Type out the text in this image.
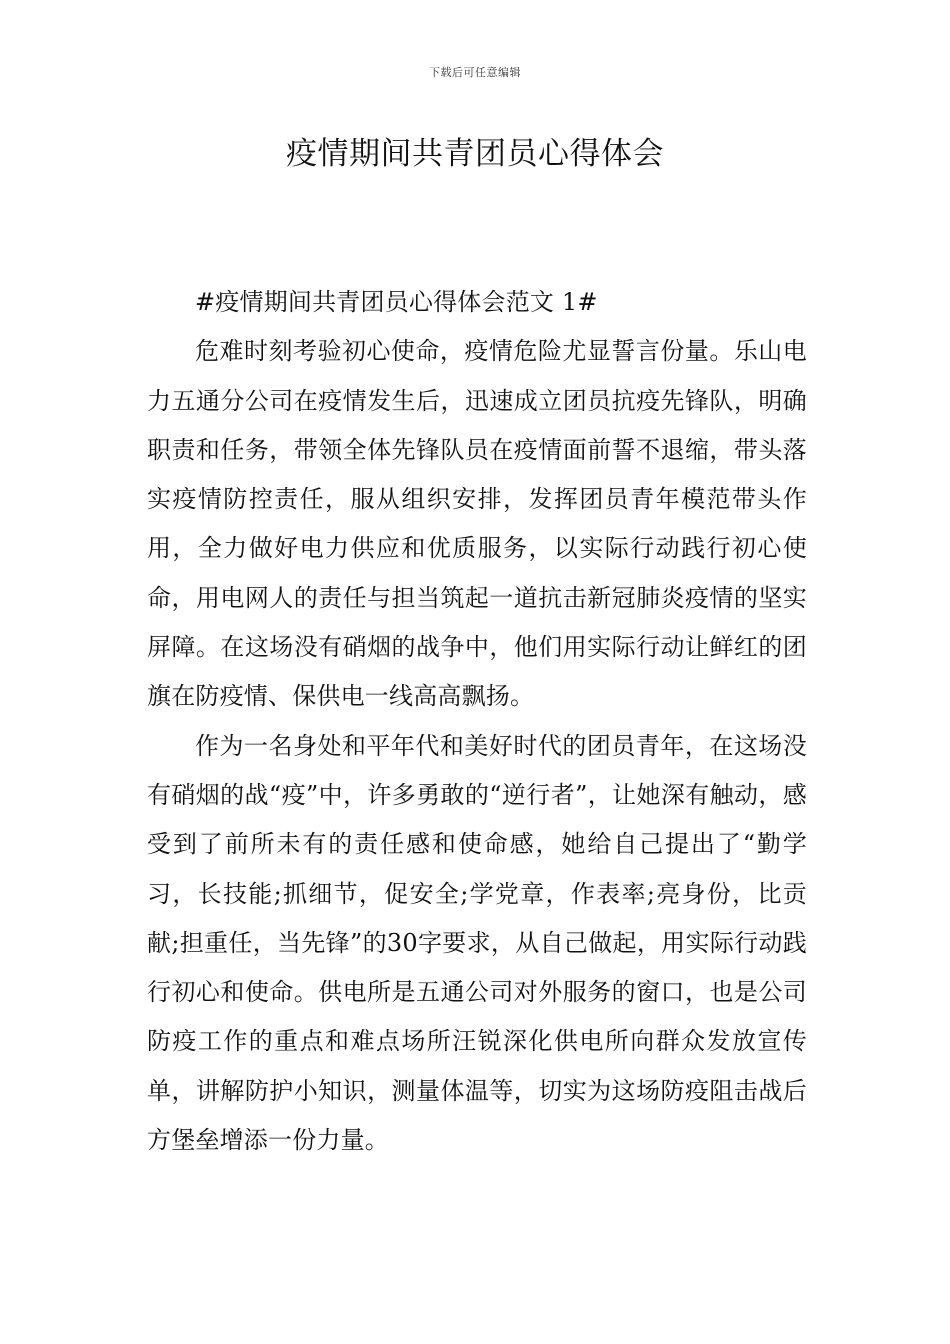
下载后可任意编辑
疫情期间共青团员心得体会
#疫情期间共青团员心得体会范文 1#

危难时刻考验初心使命，疫情危险尤显誓言份量。乐山电力五通分公司在疫情发生后，迅速成立团员抗疫先锋队，明确职责和任务，带领全体先锋队员在疫情面前誓不退缩，带头落实疫情防控责任，服从组织安排，发挥团员青年模范带头作用，全力做好电力供应和优质服务，以实际行动践行初心使命，用电网人的责任与担当筑起一道抗击新冠肺炎疫情的坚实屏障。在这场没有硝烟的战争中，他们用实际行动让鲜红的团旗在防疫情、保供电一线高高飘扬。

作为一名身处和平年代和美好时代的团员青年，在这场没有硝烟的战“疫”中，许多勇敢的“逆行者”，让她深有触动，感受到了前所未有的责任感和使命感，她给自己提出了“勤学习，长技能;抓细节，促安全;学党章，作表率;亮身份，比贡献;担重任，当先锋”的30字要求，从自己做起，用实际行动践行初心和使命。供电所是五通公司对外服务的窗口，也是公司防疫工作的重点和难点场所汪锐深化供电所向群众发放宣传单，讲解防护小知识，测量体温等，切实为这场防疫阻击战后方堡垒增添一份力量。
